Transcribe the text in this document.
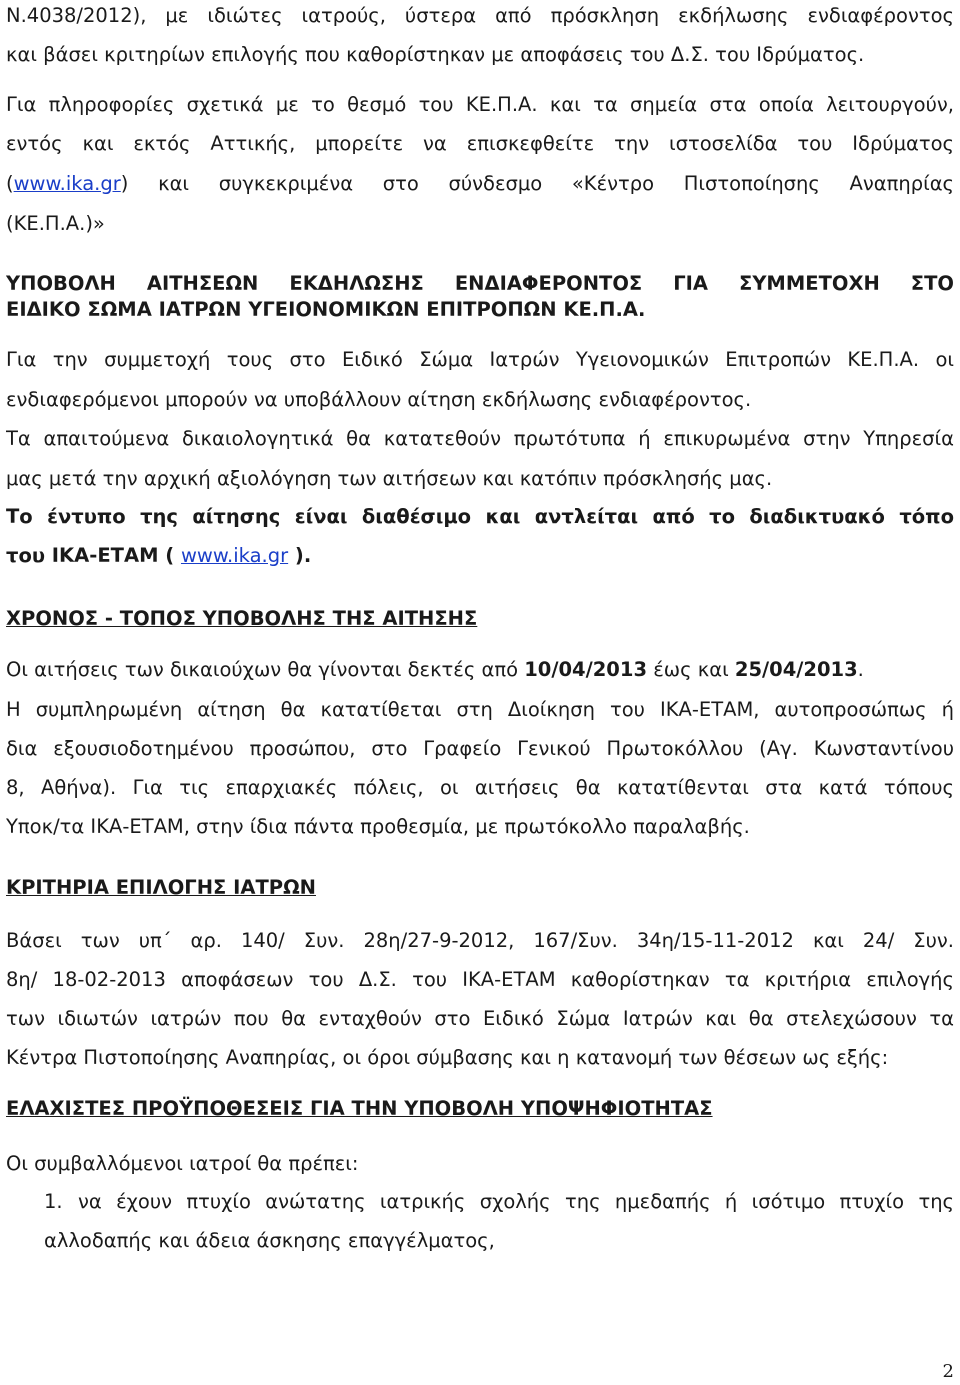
Ν.4038/2012), με ιδιώτες ιατρούς, ύστερα από πρόσκληση εκδήλωσης ενδιαφέροντος
και βάσει κριτηρίων επιλογής που καθορίστηκαν με αποφάσεις του Δ.Σ. του Ιδρύματος.
Για πληροφορίες σχετικά με το θεσμό του ΚΕ.Π.Α. και τα σημεία στα οποία λειτουργούν,
εντός και εκτός Αττικής, μπορείτε να επισκεφθείτε την ιστοσελίδα του Ιδρύματος
(www.ika.gr) και συγκεκριμένα στο σύνδεσμο «Κέντρο Πιστοποίησης Αναπηρίας
(ΚΕ.Π.Α.)»
ΥΠΟΒΟΛΗ ΑΙΤΗΣΕΩΝ ΕΚΔΗΛΩΣΗΣ ΕΝΔΙΑΦΕΡΟΝΤΟΣ ΓΙΑ ΣΥΜΜΕΤΟΧΗ ΣΤΟ
ΕΙΔΙΚΟ ΣΩΜΑ ΙΑΤΡΩΝ ΥΓΕΙΟΝΟΜΙΚΩΝ ΕΠΙΤΡΟΠΩΝ ΚΕ.Π.Α.
Για την συμμετοχή τους στο Ειδικό Σώμα Ιατρών Υγειονομικών Επιτροπών ΚΕ.Π.Α. οι
ενδιαφερόμενοι μπορούν να υποβάλλουν αίτηση εκδήλωσης ενδιαφέροντος.
Τα απαιτούμενα δικαιολογητικά θα κατατεθούν πρωτότυπα ή επικυρωμένα στην Υπηρεσία
μας μετά την αρχική αξιολόγηση των αιτήσεων και κατόπιν πρόσκλησής μας.
Το έντυπο της αίτησης είναι διαθέσιμο και αντλείται από το διαδικτυακό τόπο
του ΙΚΑ-ΕΤΑΜ ( www.ika.gr ).
ΧΡΟΝΟΣ - ΤΟΠΟΣ ΥΠΟΒΟΛΗΣ ΤΗΣ ΑΙΤΗΣΗΣ
Οι αιτήσεις των δικαιούχων θα γίνονται δεκτές από 10/04/2013 έως και 25/04/2013.
Η συμπληρωμένη αίτηση θα κατατίθεται στη Διοίκηση του ΙΚΑ-ΕΤΑΜ, αυτοπροσώπως ή
δια εξουσιοδοτημένου προσώπου, στο Γραφείο Γενικού Πρωτοκόλλου (Αγ. Κωνσταντίνου
8, Αθήνα). Για τις επαρχιακές πόλεις, οι αιτήσεις θα κατατίθενται στα κατά τόπους
Υποκ/τα ΙΚΑ-ΕΤΑΜ, στην ίδια πάντα προθεσμία, με πρωτόκολλο παραλαβής.
ΚΡΙΤΗΡΙΑ ΕΠΙΛΟΓΗΣ ΙΑΤΡΩΝ
Βάσει των υπ΄ αρ. 140/ Συν. 28η/27-9-2012, 167/Συν. 34η/15-11-2012 και 24/ Συν.
8η/ 18-02-2013 αποφάσεων του Δ.Σ. του ΙΚΑ-ΕΤΑΜ καθορίστηκαν τα κριτήρια επιλογής
των ιδιωτών ιατρών που θα ενταχθούν στο Ειδικό Σώμα Ιατρών και θα στελεχώσουν τα
Κέντρα Πιστοποίησης Αναπηρίας, οι όροι σύμβασης και η κατανομή των θέσεων ως εξής:
ΕΛΑΧΙΣΤΕΣ ΠΡΟΫΠΟΘΕΣΕΙΣ ΓΙΑ ΤΗΝ ΥΠΟΒΟΛΗ ΥΠΟΨΗΦΙΟΤΗΤΑΣ
Οι συμβαλλόμενοι ιατροί θα πρέπει:
1. να έχουν πτυχίο ανώτατης ιατρικής σχολής της ημεδαπής ή ισότιμο πτυχίο της
αλλοδαπής και άδεια άσκησης επαγγέλματος,
2
